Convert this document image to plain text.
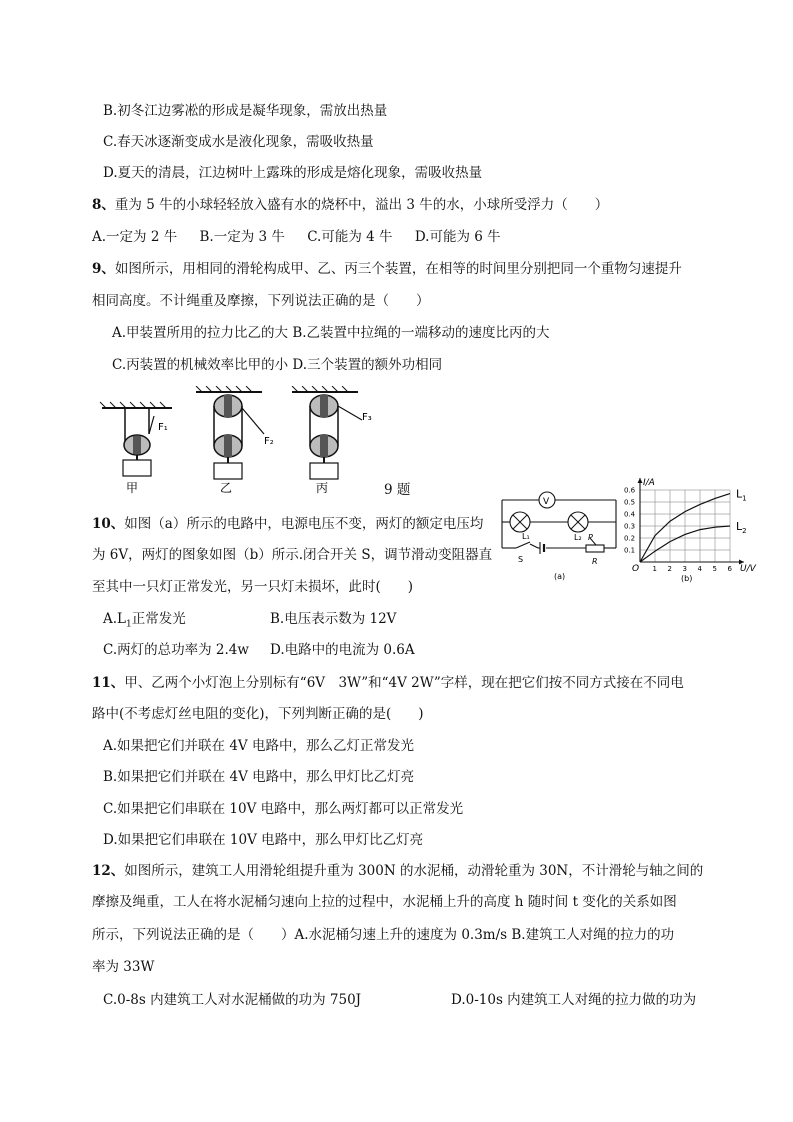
B.初冬江边雾凇的形成是凝华现象，需放出热量
C.春天冰逐渐变成水是液化现象，需吸收热量
D.夏天的清晨，江边树叶上露珠的形成是熔化现象，需吸收热量
8、重为 5 牛的小球轻轻放入盛有水的烧杯中，溢出 3 牛的水，小球所受浮力（　　）
A.一定为 2 牛 B.一定为 3 牛 C.可能为 4 牛 D.可能为 6 牛
9、如图所示，用相同的滑轮构成甲、乙、丙三个装置，在相等的时间里分别把同一个重物匀速提升
相同高度。不计绳重及摩擦，下列说法正确的是（　　）
A.甲装置所用的拉力比乙的大 B.乙装置中拉绳的一端移动的速度比丙的大
C.丙装置的机械效率比甲的小 D.三个装置的额外功相同
F₁
F₂
F₃
甲	乙	丙	9 题
10、如图（a）所示的电路中，电源电压不变，两灯的额定电压均
为 6V，两灯的图象如图（b）所示.闭合开关 S，调节滑动变阻器直
至其中一只灯正常发光，另一只灯未损坏，此时(　　)
$A.L_1$正常发光	B.电压表示数为 12V
C.两灯的总功率为 2.4w D.电路中的电流为 0.6A
V
L₁	L₂
S
P
R
(a)
1 2 3 4 5 6
0.1
0.2
0.3
0.4
0.5
0.6	$L_1$
$L_2$
I/A
U/V
O
(b)
11、甲、乙两个小灯泡上分别标有“6V　3W”和“4V 2W”字样，现在把它们按不同方式接在不同电
路中(不考虑灯丝电阻的变化)，下列判断正确的是(　　)
A.如果把它们并联在 4V 电路中，那么乙灯正常发光
B.如果把它们并联在 4V 电路中，那么甲灯比乙灯亮
C.如果把它们串联在 10V 电路中，那么两灯都可以正常发光
D.如果把它们串联在 10V 电路中，那么甲灯比乙灯亮
12、如图所示，建筑工人用滑轮组提升重为 300N 的水泥桶，动滑轮重为 30N，不计滑轮与轴之间的
摩擦及绳重，工人在将水泥桶匀速向上拉的过程中，水泥桶上升的高度 h 随时间 t 变化的关系如图
所示，下列说法正确的是（　　）A.水泥桶匀速上升的速度为 0.3m/s B.建筑工人对绳的拉力的功
率为 33W
C.0-8s 内建筑工人对水泥桶做的功为 750J	D.0-10s 内建筑工人对绳的拉力做的功为
